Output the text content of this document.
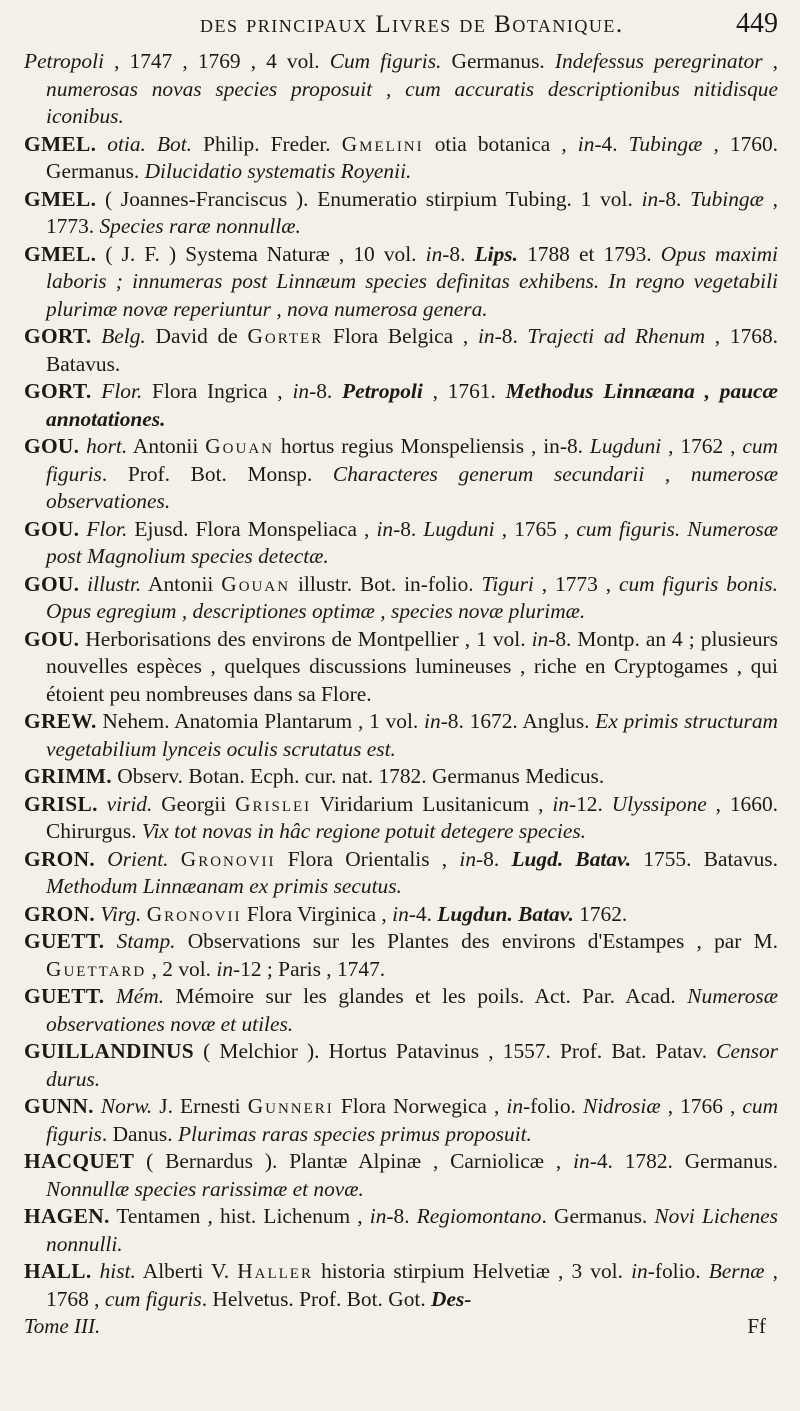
des principaux Livres de Botanique.	449

Petropoli , 1747 , 1769 , 4 vol. Cum figuris. Germanus. Indefessus peregrinator , numerosas novas species proposuit , cum accuratis descriptionibus nitidisque iconibus.

GMEL. otia. Bot. Philip. Freder. Gmelini otia botanica , in-4. Tubingæ , 1760. Germanus. Dilucidatio systematis Royenii.

GMEL. ( Joannes-Franciscus ). Enumeratio stirpium Tubing. 1 vol. in-8. Tubingæ , 1773. Species raræ nonnullæ.

GMEL. ( J. F. ) Systema Naturæ , 10 vol. in-8. Lips. 1788 et 1793. Opus maximi laboris ; innumeras post Linnæum species definitas exhibens. In regno vegetabili plurimæ novæ reperiuntur , nova numerosa genera.

GORT. Belg. David de Gorter Flora Belgica , in-8. Trajecti ad Rhenum , 1768. Batavus.

GORT. Flor. Flora Ingrica , in-8. Petropoli , 1761. Methodus Linnæana , paucæ annotationes.

GOU. hort. Antonii Gouan hortus regius Monspeliensis , in-8. Lugduni , 1762 , cum figuris. Prof. Bot. Monsp. Characteres generum secundarii , numerosæ observationes.

GOU. Flor. Ejusd. Flora Monspeliaca , in-8. Lugduni , 1765 , cum figuris. Numerosæ post Magnolium species detectæ.

GOU. illustr. Antonii Gouan illustr. Bot. in-folio. Tiguri , 1773 , cum figuris bonis. Opus egregium , descriptiones optimæ , species novæ plurimæ.

GOU. Herborisations des environs de Montpellier , 1 vol. in-8. Montp. an 4 ; plusieurs nouvelles espèces , quelques discussions lumineuses , riche en Cryptogames , qui étoient peu nombreuses dans sa Flore.

GREW. Nehem. Anatomia Plantarum , 1 vol. in-8. 1672. Anglus. Ex primis structuram vegetabilium lynceis oculis scrutatus est.

GRIMM. Observ. Botan. Ecph. cur. nat. 1782. Germanus Medicus.

GRISL. virid. Georgii Grislei Viridarium Lusitanicum , in-12. Ulyssipone , 1660. Chirurgus. Vix tot novas in hâc regione potuit detegere species.

GRON. Orient. Gronovii Flora Orientalis , in-8. Lugd. Batav. 1755. Batavus. Methodum Linnæanam ex primis secutus.

GRON. Virg. Gronovii Flora Virginica , in-4. Lugdun. Batav. 1762.

GUETT. Stamp. Observations sur les Plantes des environs d'Estampes , par M. Guettard , 2 vol. in-12 ; Paris , 1747.

GUETT. Mém. Mémoire sur les glandes et les poils. Act. Par. Acad. Numerosæ observationes novæ et utiles.

GUILLANDINUS ( Melchior ). Hortus Patavinus , 1557. Prof. Bat. Patav. Censor durus.

GUNN. Norw. J. Ernesti Gunneri Flora Norwegica , in-folio. Nidrosiæ , 1766 , cum figuris. Danus. Plurimas raras species primus proposuit.

HACQUET ( Bernardus ). Plantæ Alpinæ , Carniolicæ , in-4. 1782. Germanus. Nonnullæ species rarissimæ et novæ.

HAGEN. Tentamen , hist. Lichenum , in-8. Regiomontano. Germanus. Novi Lichenes nonnulli.

HALL. hist. Alberti V. Haller historia stirpium Helvetiæ , 3 vol. in-folio. Bernæ , 1768 , cum figuris. Helvetus. Prof. Bot. Got. Des-

Tome III.	Ff
